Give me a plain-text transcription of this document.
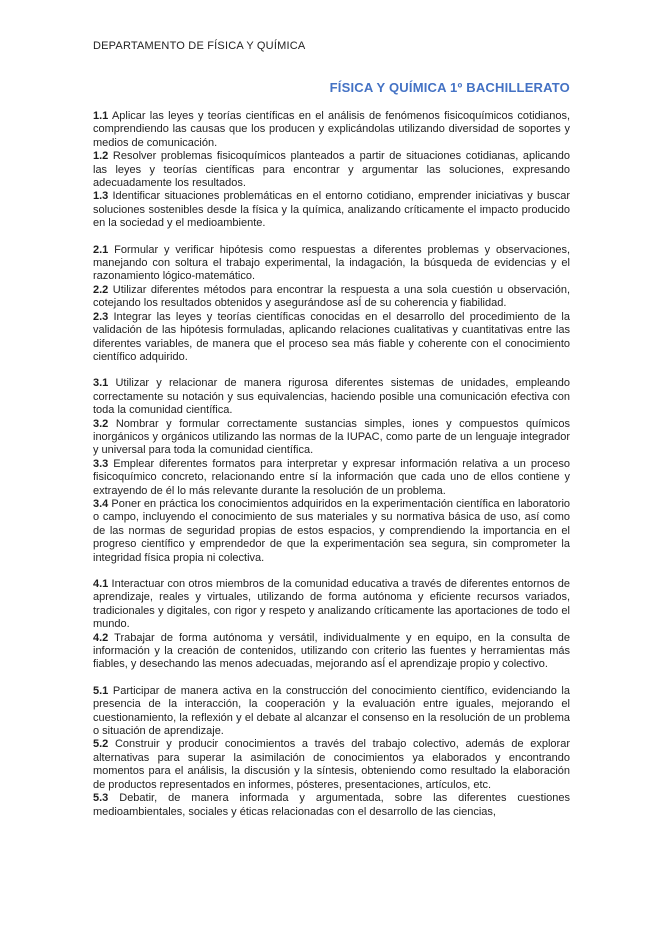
DEPARTAMENTO DE FÍSICA Y QUÍMICA
FÍSICA Y QUÍMICA 1º BACHILLERATO

1.1 Aplicar las leyes y teorías científicas en el análisis de fenómenos fisicoquímicos cotidianos, comprendiendo las causas que los producen y explicándolas utilizando diversidad de soportes y medios de comunicación.

1.2 Resolver problemas fisicoquímicos planteados a partir de situaciones cotidianas, aplicando las leyes y teorías científicas para encontrar y argumentar las soluciones, expresando adecuadamente los resultados.

1.3 Identificar situaciones problemáticas en el entorno cotidiano, emprender iniciativas y buscar soluciones sostenibles desde la física y la química, analizando críticamente el impacto producido en la sociedad y el medioambiente.

2.1 Formular y verificar hipótesis como respuestas a diferentes problemas y observaciones, manejando con soltura el trabajo experimental, la indagación, la búsqueda de evidencias y el razonamiento lógico-matemático.

2.2 Utilizar diferentes métodos para encontrar la respuesta a una sola cuestión u observación, cotejando los resultados obtenidos y asegurándose asÍ de su coherencia y fiabilidad.

2.3 Integrar las leyes y teorías científicas conocidas en el desarrollo del procedimiento de la validación de las hipótesis formuladas, aplicando relaciones cualitativas y cuantitativas entre las diferentes variables, de manera que el proceso sea más fiable y coherente con el conocimiento científico adquirido.

3.1 Utilizar y relacionar de manera rigurosa diferentes sistemas de unidades, empleando correctamente su notación y sus equivalencias, haciendo posible una comunicación efectiva con toda la comunidad científica.

3.2 Nombrar y formular correctamente sustancias simples, iones y compuestos químicos inorgánicos y orgánicos utilizando las normas de la IUPAC, como parte de un lenguaje integrador y universal para toda la comunidad científica.

3.3 Emplear diferentes formatos para interpretar y expresar información relativa a un proceso fisicoquímico concreto, relacionando entre sí la información que cada uno de ellos contiene y extrayendo de él lo más relevante durante la resolución de un problema.

3.4 Poner en práctica los conocimientos adquiridos en la experimentación científica en laboratorio o campo, incluyendo el conocimiento de sus materiales y su normativa básica de uso, así como de las normas de seguridad propias de estos espacios, y comprendiendo la importancia en el progreso científico y emprendedor de que la experimentación sea segura, sin comprometer la integridad física propia ni colectiva.

4.1 Interactuar con otros miembros de la comunidad educativa a través de diferentes entornos de aprendizaje, reales y virtuales, utilizando de forma autónoma y eficiente recursos variados, tradicionales y digitales, con rigor y respeto y analizando críticamente las aportaciones de todo el mundo.

4.2 Trabajar de forma autónoma y versátil, individualmente y en equipo, en la consulta de información y la creación de contenidos, utilizando con criterio las fuentes y herramientas más fiables, y desechando las menos adecuadas, mejorando asÍ el aprendizaje propio y colectivo.

5.1 Participar de manera activa en la construcción del conocimiento científico, evidenciando la presencia de la interacción, la cooperación y la evaluación entre iguales, mejorando el cuestionamiento, la reflexión y el debate al alcanzar el consenso en la resolución de un problema o situación de aprendizaje.

5.2 Construir y producir conocimientos a través del trabajo colectivo, además de explorar alternativas para superar la asimilación de conocimientos ya elaborados y encontrando momentos para el análisis, la discusión y la síntesis, obteniendo como resultado la elaboración de productos representados en informes, pósteres, presentaciones, artículos, etc.

5.3 Debatir, de manera informada y argumentada, sobre las diferentes cuestiones medioambientales, sociales y éticas relacionadas con el desarrollo de las ciencias,
